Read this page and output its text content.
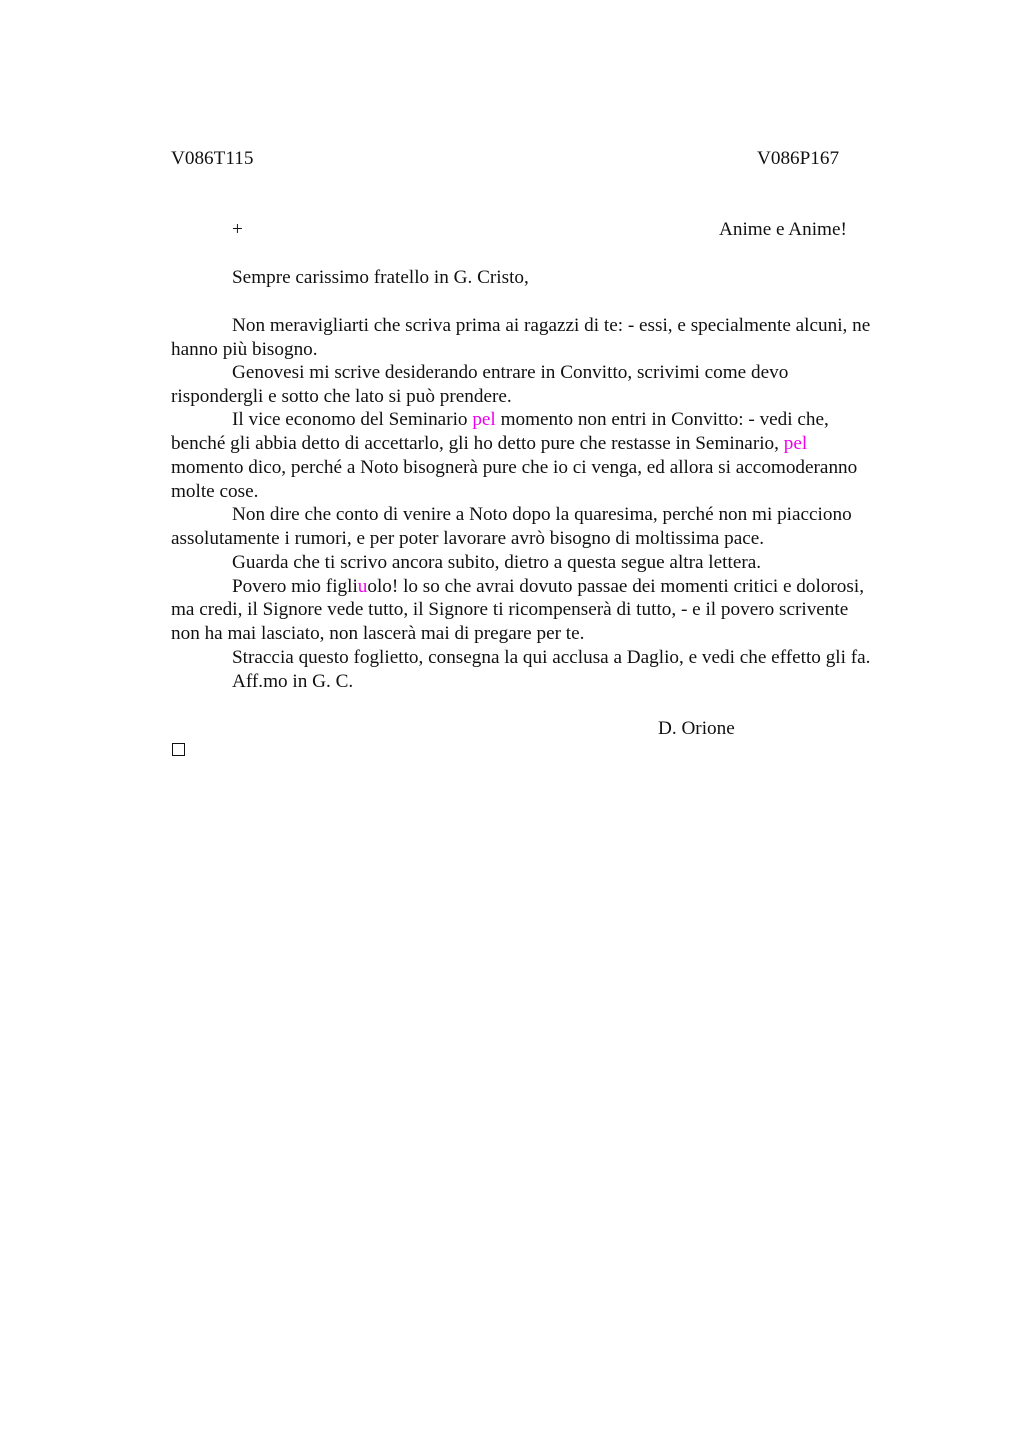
V086T115	V086P167
+	Anime e Anime!
Sempre carissimo fratello in G. Cristo,
Non meravigliarti che scriva prima ai ragazzi di te: - essi, e specialmente alcuni, ne
hanno più bisogno.
Genovesi mi scrive desiderando entrare in Convitto, scrivimi come devo
rispondergli e sotto che lato si può prendere.
Il vice economo del Seminario pel momento non entri in Convitto: - vedi che,
benché gli abbia detto di accettarlo, gli ho detto pure che restasse in Seminario, pel
momento dico, perché a Noto bisognerà pure che io ci venga, ed allora si accomoderanno
molte cose.
Non dire che conto di venire a Noto dopo la quaresima, perché non mi piacciono
assolutamente i rumori, e per poter lavorare avrò bisogno di moltissima pace.
Guarda che ti scrivo ancora subito, dietro a questa segue altra lettera.
Povero mio figliuolo! lo so che avrai dovuto passae dei momenti critici e dolorosi,
ma credi, il Signore vede tutto, il Signore ti ricompenserà di tutto, - e il povero scrivente
non ha mai lasciato, non lascerà mai di pregare per te.
Straccia questo foglietto, consegna la qui acclusa a Daglio, e vedi che effetto gli fa.
Aff.mo in G. C.
D. Orione
